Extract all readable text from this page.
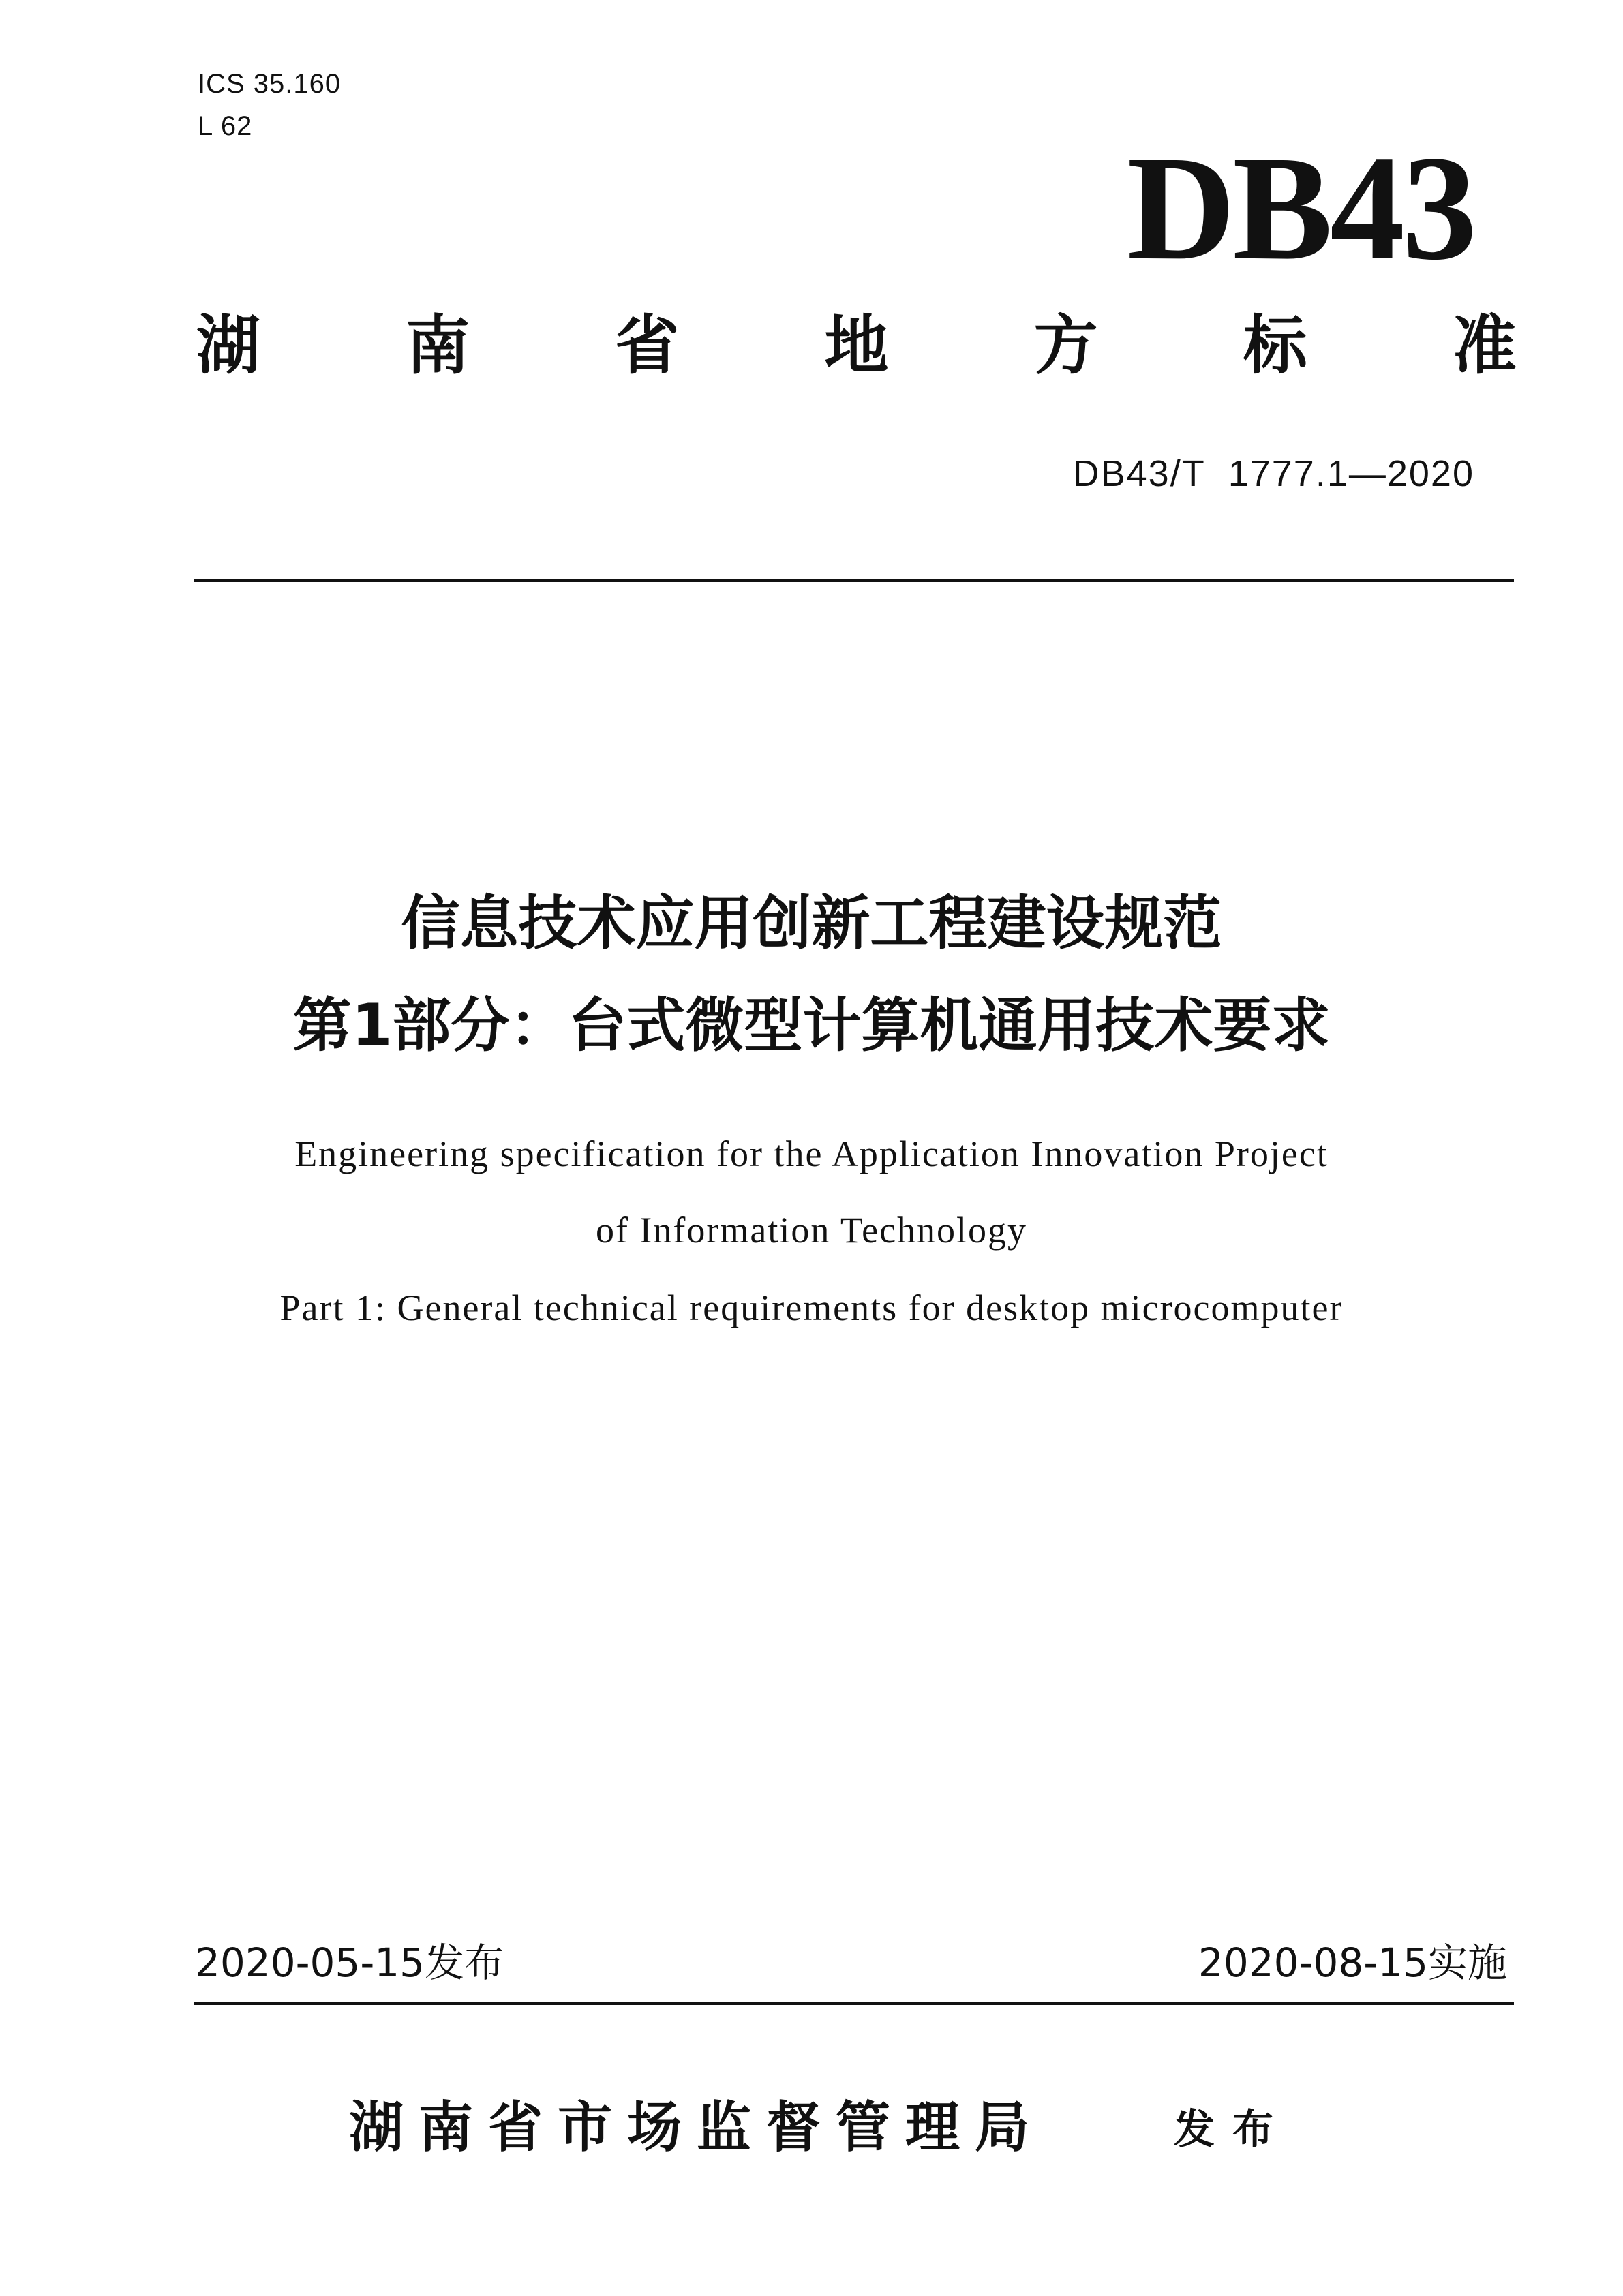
ICS 35.160
L 62	DB43
湖 南 省 地 方 标 准
DB43/T  1777.1—2020
信息技术应用创新工程建设规范
第1部分：台式微型计算机通用技术要求
Engineering specification for the Application Innovation Project
of Information Technology
Part 1: General technical requirements for desktop microcomputer
2020-05-15发布	2020-08-15实施
湖南省市场监督管理局	发布
